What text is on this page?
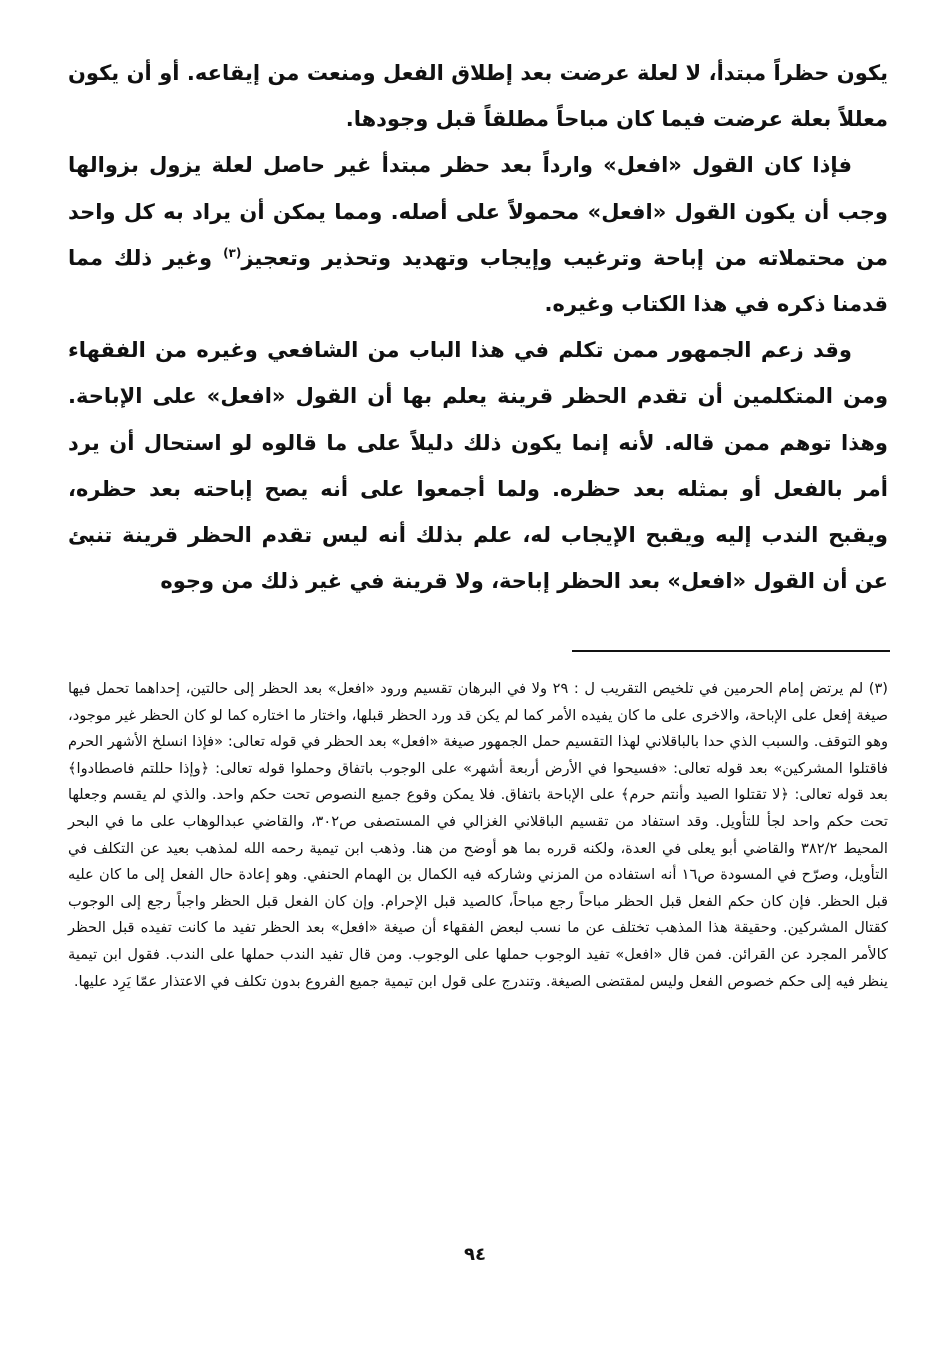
يكون حظراً مبتدأ، لا لعلة عرضت بعد إطلاق الفعل ومنعت من إيقاعه. أو أن يكون معللاً بعلة عرضت فيما كان مباحاً مطلقاً قبل وجودها.

فإذا كان القول «افعل» وارداً بعد حظر مبتدأ غير حاصل لعلة يزول بزوالها وجب أن يكون القول «افعل» محمولاً على أصله. ومما يمكن أن يراد به كل واحد من محتملاته من إباحة وترغيب وإيجاب وتهديد وتحذير وتعجيز$^{(٣)}$ وغير ذلك مما قدمنا ذكره في هذا الكتاب وغيره.

وقد زعم الجمهور ممن تكلم في هذا الباب من الشافعي وغيره من الفقهاء ومن المتكلمين أن تقدم الحظر قرينة يعلم بها أن القول «افعل» على الإباحة. وهذا توهم ممن قاله. لأنه إنما يكون ذلك دليلاً على ما قالوه لو استحال أن يرد أمر بالفعل أو بمثله بعد حظره. ولما أجمعوا على أنه يصح إباحته بعد حظره، ويقبح الندب إليه ويقبح الإيجاب له، علم بذلك أنه ليس تقدم الحظر قرينة تنبئ عن أن القول «افعل» بعد الحظر إباحة، ولا قرينة في غير ذلك من وجوه

(٣) لم يرتض إمام الحرمين في تلخيص التقريب ل : ٢٩ ولا في البرهان تقسيم ورود «افعل» بعد الحظر إلى حالتين، إحداهما تحمل فيها صيغة إفعل على الإباحة، والاخرى على ما كان يفيده الأمر كما لم يكن قد ورد الحظر قبلها، واختار ما اختاره كما لو كان الحظر غير موجود، وهو التوقف. والسبب الذي حدا بالباقلاني لهذا التقسيم حمل الجمهور صيغة «افعل» بعد الحظر في قوله تعالى: «فإذا انسلخ الأشهر الحرم فاقتلوا المشركين» بعد قوله تعالى: «فسيحوا في الأرض أربعة أشهر» على الوجوب باتفاق وحملوا قوله تعالى: ﴿وإذا حللتم فاصطادوا﴾ بعد قوله تعالى: ﴿لا تقتلوا الصيد وأنتم حرم﴾ على الإباحة باتفاق. فلا يمكن وقوع جميع النصوص تحت حكم واحد. والذي لم يقسم وجعلها تحت حكم واحد لجأ للتأويل. وقد استفاد من تقسيم الباقلاني الغزالي في المستصفى ص٣٠٢، والقاضي عبدالوهاب على ما في البحر المحيط ٣٨٢/٢ والقاضي أبو يعلى في العدة، ولكنه قرره بما هو أوضح من هنا. وذهب ابن تيمية رحمه الله لمذهب بعيد عن التكلف في التأويل، وصرّح في المسودة ص١٦ أنه استفاده من المزني وشاركه فيه الكمال بن الهمام الحنفي. وهو إعادة حال الفعل إلى ما كان عليه قبل الحظر. فإن كان حكم الفعل قبل الحظر مباحاً رجع مباحاً، كالصيد قبل الإحرام. وإن كان الفعل قبل الحظر واجباً رجع إلى الوجوب كقتال المشركين. وحقيقة هذا المذهب تختلف عن ما نسب لبعض الفقهاء أن صيغة «افعل» بعد الحظر تفيد ما كانت تفيده قبل الحظر كالأمر المجرد عن القرائن. فمن قال «افعل» تفيد الوجوب حملها على الوجوب. ومن قال تفيد الندب حملها على الندب. فقول ابن تيمية ينظر فيه إلى حكم خصوص الفعل وليس لمقتضى الصيغة. وتندرج على قول ابن تيمية جميع الفروع بدون تكلف في الاعتذار عمّا يَرِد عليها.

٩٤
